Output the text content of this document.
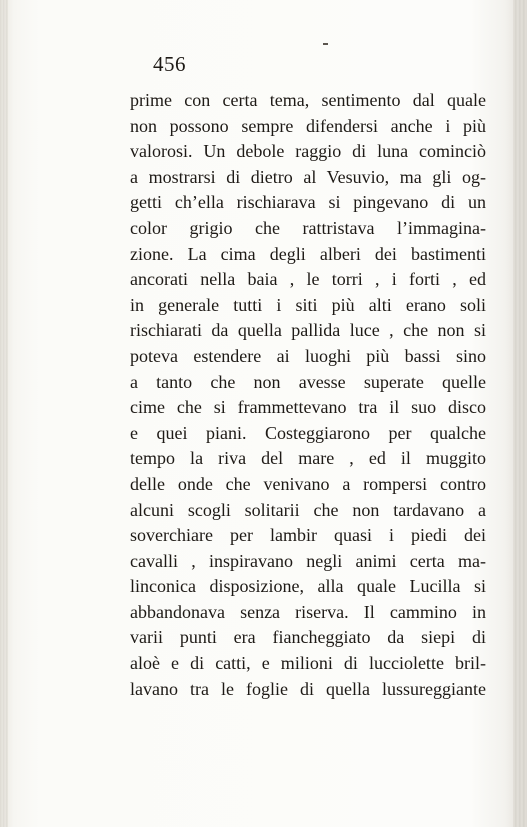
456
prime con certa tema, sentimento dal quale
non possono sempre difendersi anche i più
valorosi. Un debole raggio di luna cominciò
a mostrarsi di dietro al Vesuvio, ma gli og-
getti ch’ella rischiarava si pingevano di un
color grigio che rattristava l’immagina-
zione. La cima degli alberi dei bastimenti
ancorati nella baia , le torri , i forti , ed
in generale tutti i siti più alti erano soli
rischiarati da quella pallida luce , che non si
poteva estendere ai luoghi più bassi sino
a tanto che non avesse superate quelle
cime che si frammettevano tra il suo disco
e quei piani. Costeggiarono per qualche
tempo la riva del mare , ed il muggito
delle onde che venivano a rompersi contro
alcuni scogli solitarii che non tardavano a
soverchiare per lambir quasi i piedi dei
cavalli , inspiravano negli animi certa ma-
linconica disposizione, alla quale Lucilla si
abbandonava senza riserva. Il cammino in
varii punti era fiancheggiato da siepi di
aloè e di catti, e milioni di lucciolette bril-
lavano tra le foglie di quella lussureggiante
